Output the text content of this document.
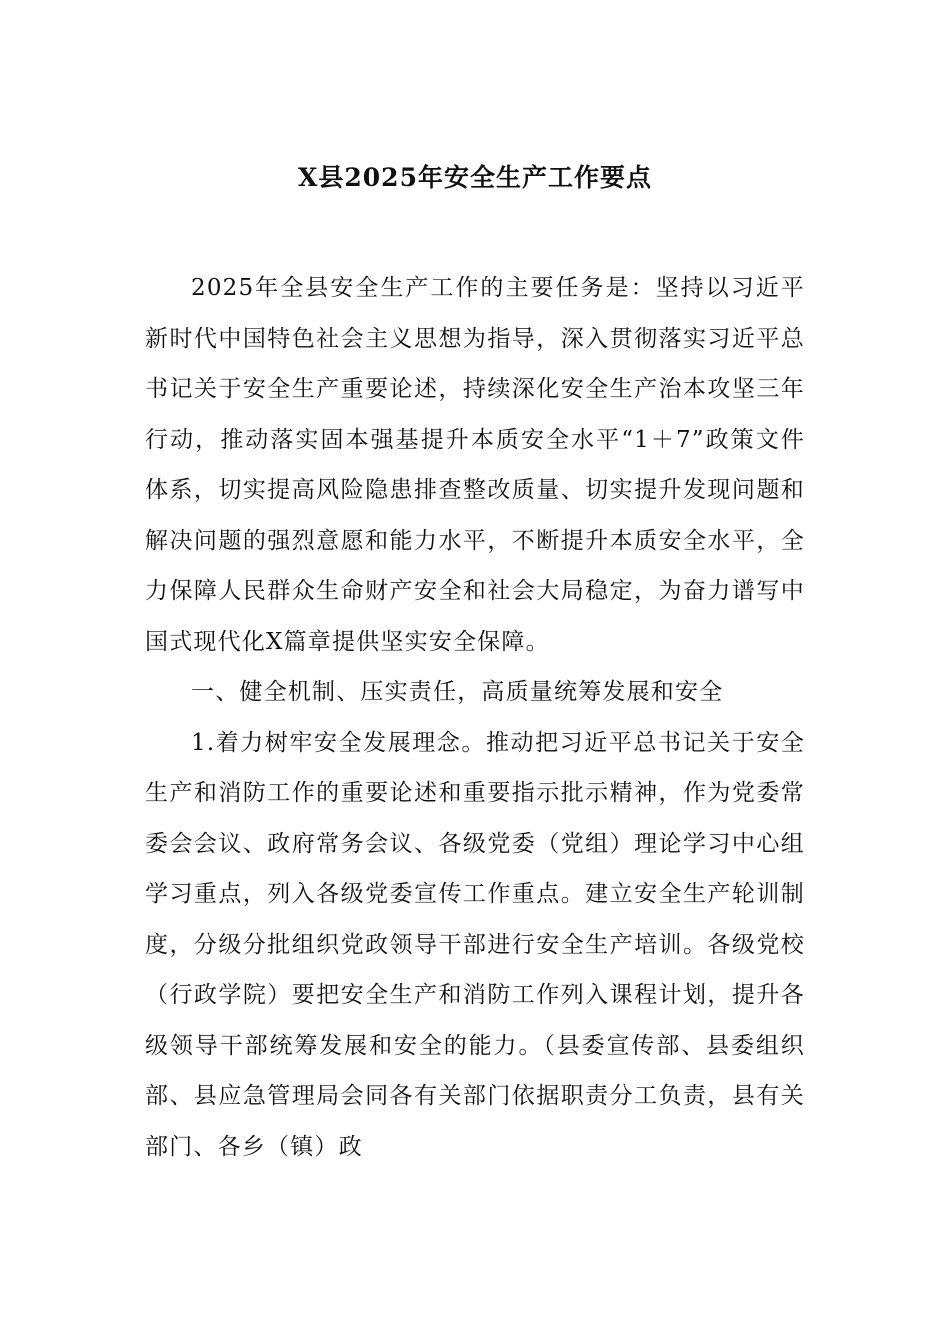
X县2025年安全生产工作要点

2025年全县安全生产工作的主要任务是：坚持以习近平新时代中国特色社会主义思想为指导，深入贯彻落实习近平总书记关于安全生产重要论述，持续深化安全生产治本攻坚三年行动，推动落实固本强基提升本质安全水平“1＋7”政策文件体系，切实提高风险隐患排查整改质量、切实提升发现问题和解决问题的强烈意愿和能力水平，不断提升本质安全水平，全力保障人民群众生命财产安全和社会大局稳定，为奋力谱写中国式现代化X篇章提供坚实安全保障。

一、健全机制、压实责任，高质量统筹发展和安全

1.着力树牢安全发展理念。推动把习近平总书记关于安全生产和消防工作的重要论述和重要指示批示精神，作为党委常委会会议、政府常务会议、各级党委（党组）理论学习中心组学习重点，列入各级党委宣传工作重点。建立安全生产轮训制度，分级分批组织党政领导干部进行安全生产培训。各级党校（行政学院）要把安全生产和消防工作列入课程计划，提升各级领导干部统筹发展和安全的能力。（县委宣传部、县委组织部、县应急管理局会同各有关部门依据职责分工负责，县有关部门、各乡（镇）政
